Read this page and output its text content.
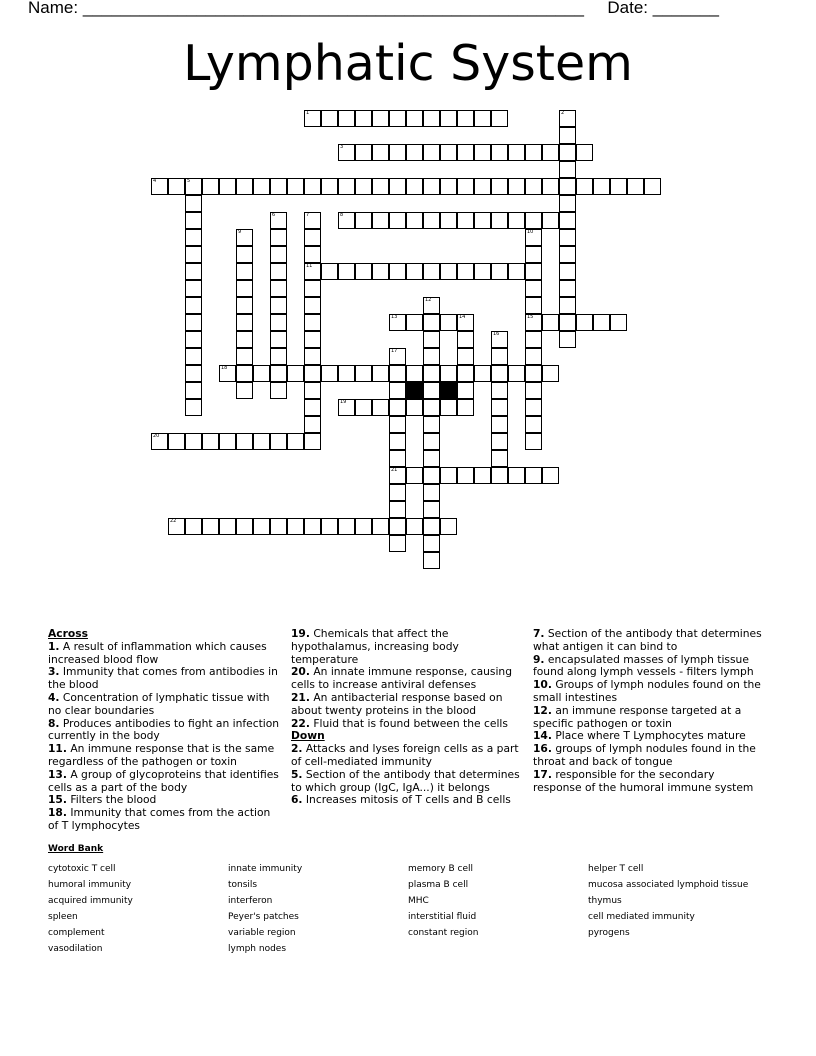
Name: _____________________________________________________ Date: _______
Lymphatic System
1	2
3
4	5
6	7
11
8
9	10
15
12
13	14
16
17
21
18
19
20
22
Across
1. A result of inflammation which causes increased blood flow
3. Immunity that comes from antibodies in the blood
4. Concentration of lymphatic tissue with no clear boundaries
8. Produces antibodies to fight an infection currently in the body
11. An immune response that is the same regardless of the pathogen or toxin
13. A group of glycoproteins that identifies cells as a part of the body
15. Filters the blood
18. Immunity that comes from the action of T lymphocytes
19. Chemicals that affect the hypothalamus, increasing body temperature
20. An innate immune response, causing cells to increase antiviral defenses
21. An antibacterial response based on about twenty proteins in the blood
22. Fluid that is found between the cells
Down
2. Attacks and lyses foreign cells as a part of cell-mediated immunity
5. Section of the antibody that determines to which group (IgC, IgA...) it belongs
6. Increases mitosis of T cells and B cells
7. Section of the antibody that determines what antigen it can bind to
9. encapsulated masses of lymph tissue found along lymph vessels - filters lymph
10. Groups of lymph nodules found on the small intestines
12. an immune response targeted at a specific pathogen or toxin
14. Place where T Lymphocytes mature
16. groups of lymph nodules found in the throat and back of tongue
17. responsible for the secondary response of the humoral immune system
Word Bank
cytotoxic T cell
humoral immunity
acquired immunity
spleen
complement
vasodilation
innate immunity
tonsils
interferon
Peyer's patches
variable region
lymph nodes
memory B cell
plasma B cell
MHC
interstitial fluid
constant region
helper T cell
mucosa associated lymphoid tissue
thymus
cell mediated immunity
pyrogens
